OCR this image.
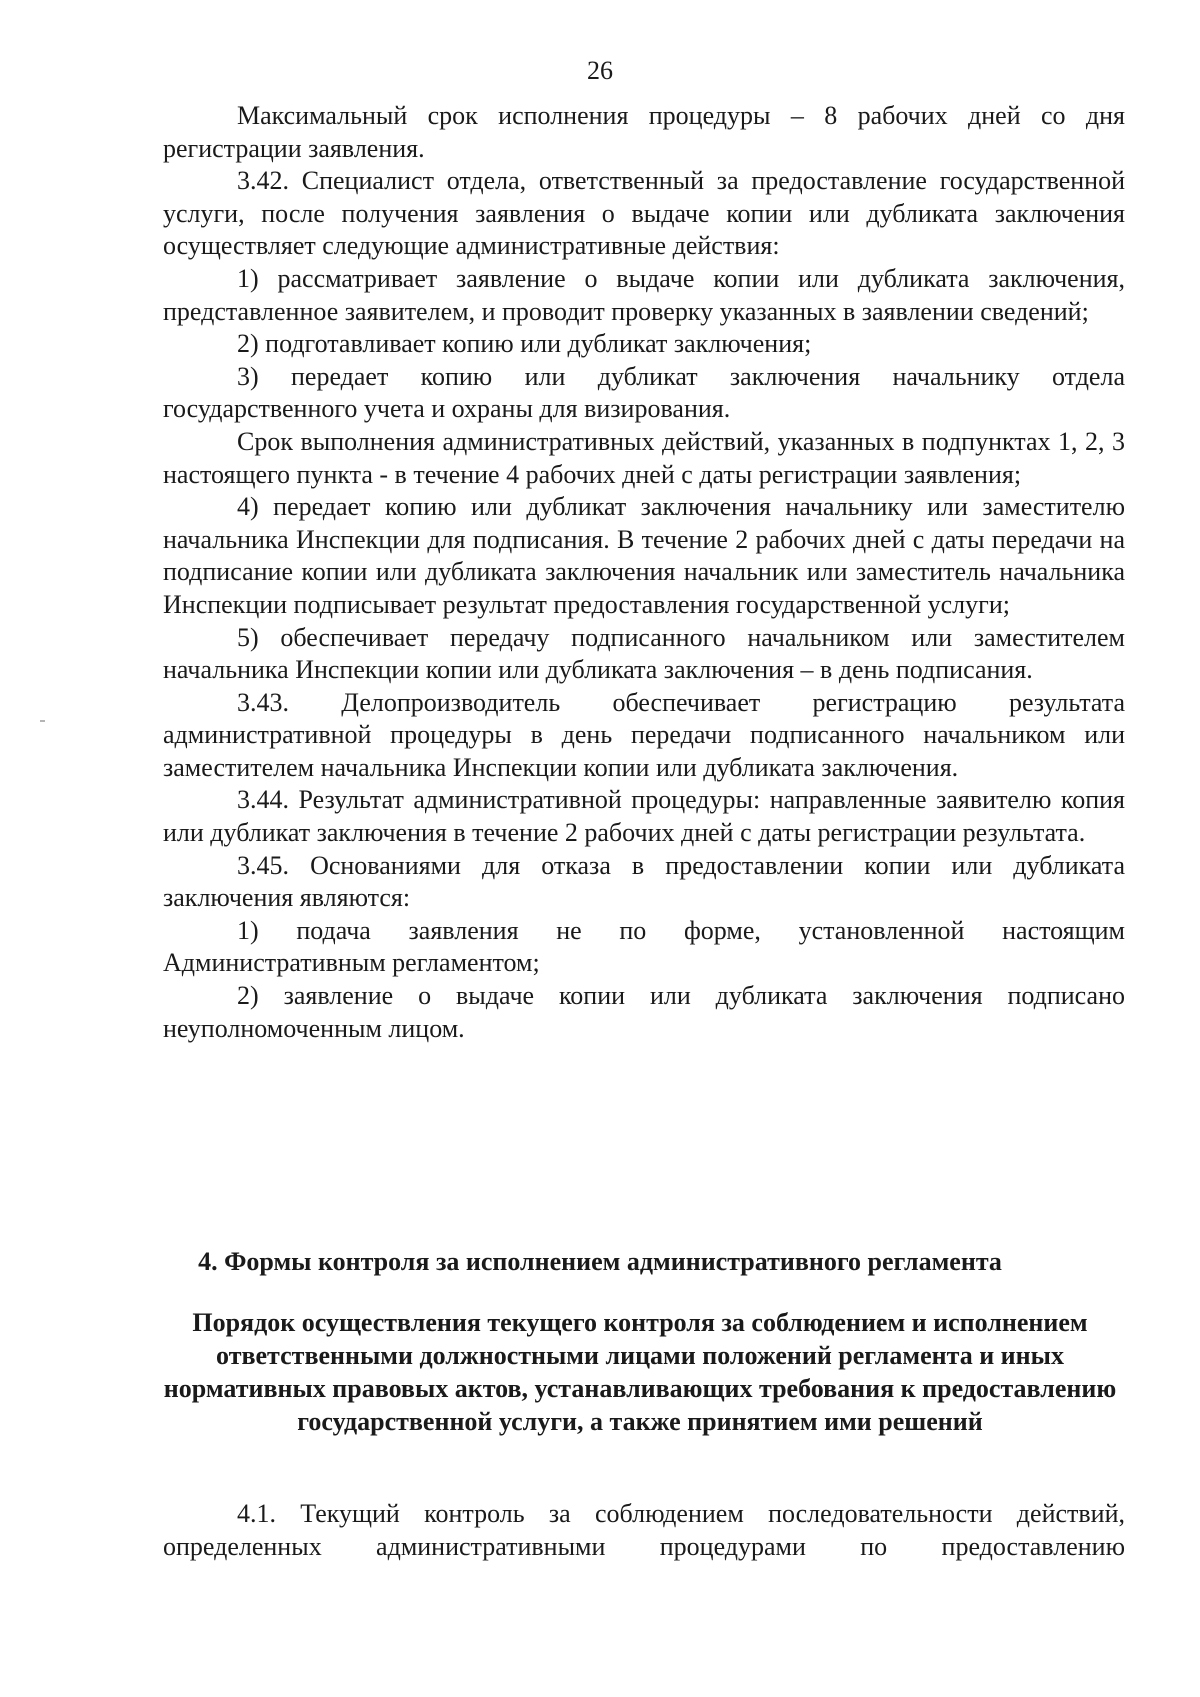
26

Максимальный срок исполнения процедуры – 8 рабочих дней со дня регистрации заявления.

3.42. Специалист отдела, ответственный за предоставление государственной услуги, после получения заявления о выдаче копии или дубликата заключения осуществляет следующие административные действия:

1) рассматривает заявление о выдаче копии или дубликата заключения, представленное заявителем, и проводит проверку указанных в заявлении сведений;

2) подготавливает копию или дубликат заключения;

3) передает копию или дубликат заключения начальнику отдела государственного учета и охраны для визирования.

Срок выполнения административных действий, указанных в подпунктах 1, 2, 3 настоящего пункта - в течение 4 рабочих дней с даты регистрации заявления;

4) передает копию или дубликат заключения начальнику или заместителю начальника Инспекции для подписания. В течение 2 рабочих дней с даты передачи на подписание копии или дубликата заключения начальник или заместитель начальника Инспекции подписывает результат предоставления государственной услуги;

5) обеспечивает передачу подписанного начальником или заместителем начальника Инспекции копии или дубликата заключения – в день подписания.

3.43. Делопроизводитель обеспечивает регистрацию результата административной процедуры в день передачи подписанного начальником или заместителем начальника Инспекции копии или дубликата заключения.

3.44. Результат административной процедуры: направленные заявителю копия или дубликат заключения в течение 2 рабочих дней с даты регистрации результата.

3.45. Основаниями для отказа в предоставлении копии или дубликата заключения являются:

1) подача заявления не по форме, установленной настоящим Административным регламентом;

2) заявление о выдаче копии или дубликата заключения подписано неуполномоченным лицом.

4. Формы контроля за исполнением административного регламента
Порядок осуществления текущего контроля за соблюдением и исполнением ответственными должностными лицами положений регламента и иных нормативных правовых актов, устанавливающих требования к предоставлению государственной услуги, а также принятием ими решений

4.1. Текущий контроль за соблюдением последовательности действий, определенных административными процедурами по предоставлению
